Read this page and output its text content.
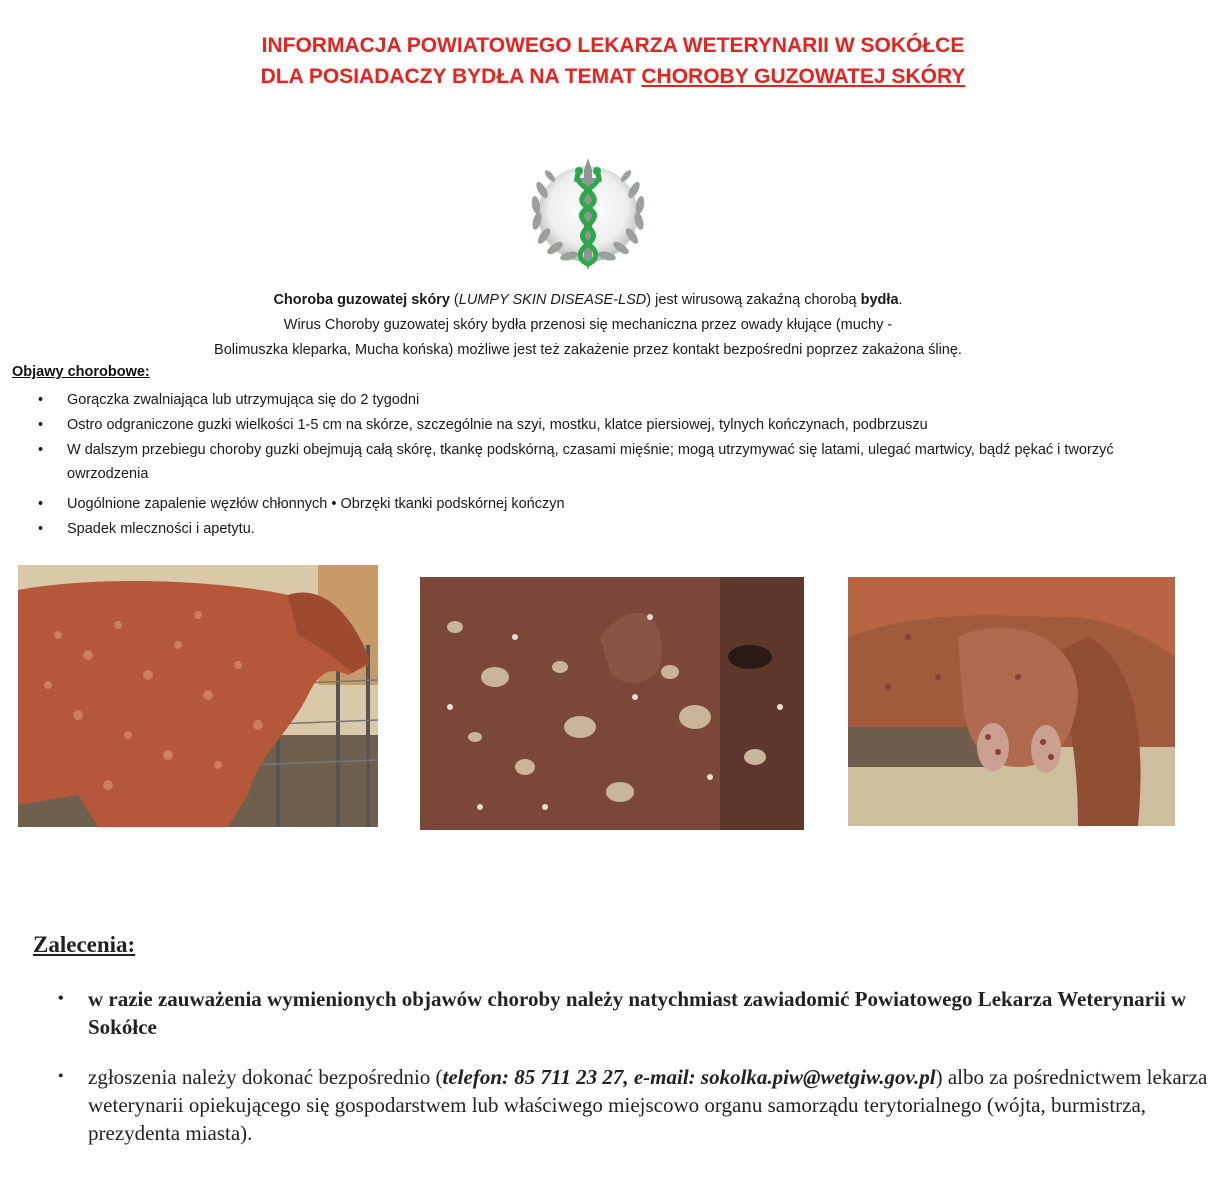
INFORMACJA POWIATOWEGO LEKARZA WETERYNARII W SOKÓŁCE
DLA POSIADACZY BYDŁA NA TEMAT CHOROBY GUZOWATEJ SKÓRY
Choroba guzowatej skóry (LUMPY SKIN DISEASE-LSD) jest wirusową zakaźną chorobą bydła.
Wirus Choroby guzowatej skóry bydła przenosi się mechaniczna przez owady kłujące (muchy -
Bolimuszka kleparka, Mucha końska) możliwe jest też zakażenie przez kontakt bezpośredni poprzez zakażona ślinę.
Objawy chorobowe:
• Gorączka zwalniająca lub utrzymująca się do 2 tygodni
• Ostro odgraniczone guzki wielkości 1-5 cm na skórze, szczególnie na szyi, mostku, klatce piersiowej, tylnych kończynach, podbrzuszu
• W dalszym przebiegu choroby guzki obejmują całą skórę, tkankę podskórną, czasami mięśnie; mogą utrzymywać się latami, ulegać martwicy, bądź pękać i tworzyć owrzodzenia
• Uogólnione zapalenie węzłów chłonnych • Obrzęki tkanki podskórnej kończyn
• Spadek mleczności i apetytu.
Zalecenia:
• w razie zauważenia wymienionych objawów choroby należy natychmiast zawiadomić Powiatowego Lekarza Weterynarii w Sokółce
• zgłoszenia należy dokonać bezpośrednio (telefon: 85 711 23 27, e-mail: sokolka.piw@wetgiw.gov.pl) albo za pośrednictwem lekarza weterynarii opiekującego się gospodarstwem lub właściwego miejscowo organu samorządu terytorialnego (wójta, burmistrza, prezydenta miasta).
